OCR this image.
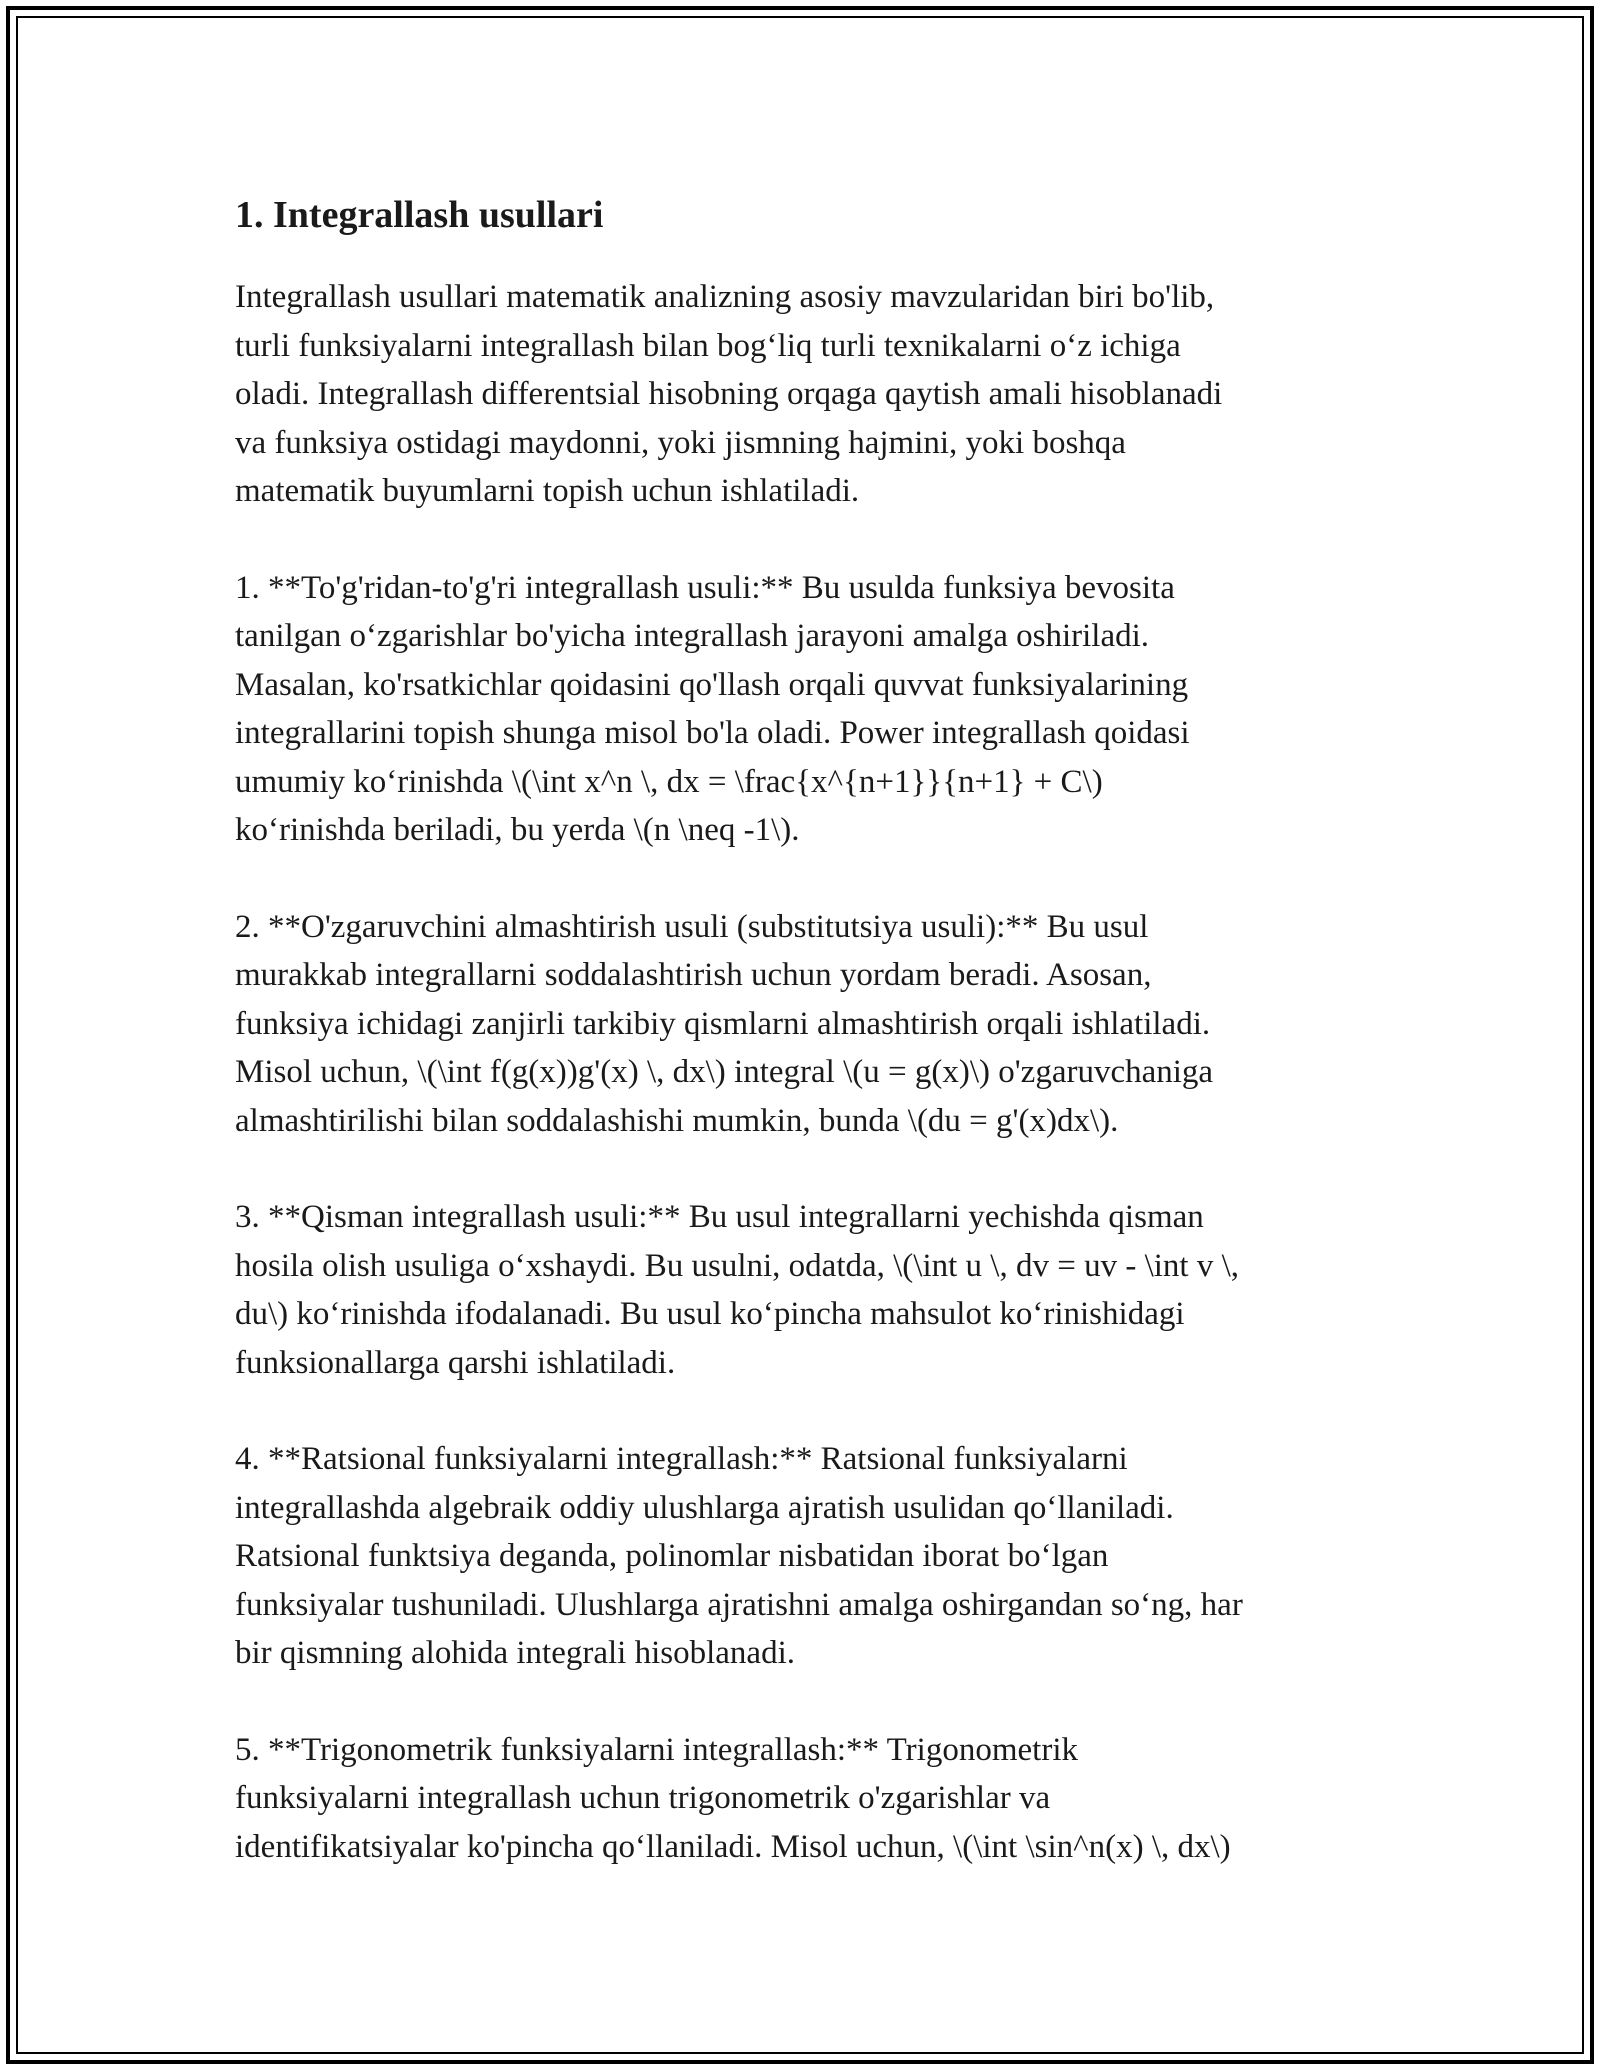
1. Integrallash usullari

Integrallash usullari matematik analizning asosiy mavzularidan biri bo'lib,
turli funksiyalarni integrallash bilan bog‘liq turli texnikalarni o‘z ichiga
oladi. Integrallash differentsial hisobning orqaga qaytish amali hisoblanadi
va funksiya ostidagi maydonni, yoki jismning hajmini, yoki boshqa
matematik buyumlarni topish uchun ishlatiladi.

1. **To'g'ridan-to'g'ri integrallash usuli:** Bu usulda funksiya bevosita
tanilgan o‘zgarishlar bo'yicha integrallash jarayoni amalga oshiriladi.
Masalan, ko'rsatkichlar qoidasini qo'llash orqali quvvat funksiyalarining
integrallarini topish shunga misol bo'la oladi. Power integrallash qoidasi
umumiy ko‘rinishda \(\int x^n \, dx = \frac{x^{n+1}}{n+1} + C\)
ko‘rinishda beriladi, bu yerda \(n \neq -1\).

2. **O'zgaruvchini almashtirish usuli (substitutsiya usuli):** Bu usul
murakkab integrallarni soddalashtirish uchun yordam beradi. Asosan,
funksiya ichidagi zanjirli tarkibiy qismlarni almashtirish orqali ishlatiladi.
Misol uchun, \(\int f(g(x))g'(x) \, dx\) integral \(u = g(x)\) o'zgaruvchaniga
almashtirilishi bilan soddalashishi mumkin, bunda \(du = g'(x)dx\).

3. **Qisman integrallash usuli:** Bu usul integrallarni yechishda qisman
hosila olish usuliga o‘xshaydi. Bu usulni, odatda, \(\int u \, dv = uv - \int v \,
du\) ko‘rinishda ifodalanadi. Bu usul ko‘pincha mahsulot ko‘rinishidagi
funksionallarga qarshi ishlatiladi.

4. **Ratsional funksiyalarni integrallash:** Ratsional funksiyalarni
integrallashda algebraik oddiy ulushlarga ajratish usulidan qo‘llaniladi.
Ratsional funktsiya deganda, polinomlar nisbatidan iborat bo‘lgan
funksiyalar tushuniladi. Ulushlarga ajratishni amalga oshirgandan so‘ng, har
bir qismning alohida integrali hisoblanadi.

5. **Trigonometrik funksiyalarni integrallash:** Trigonometrik
funksiyalarni integrallash uchun trigonometrik o'zgarishlar va
identifikatsiyalar ko'pincha qo‘llaniladi. Misol uchun, \(\int \sin^n(x) \, dx\)
